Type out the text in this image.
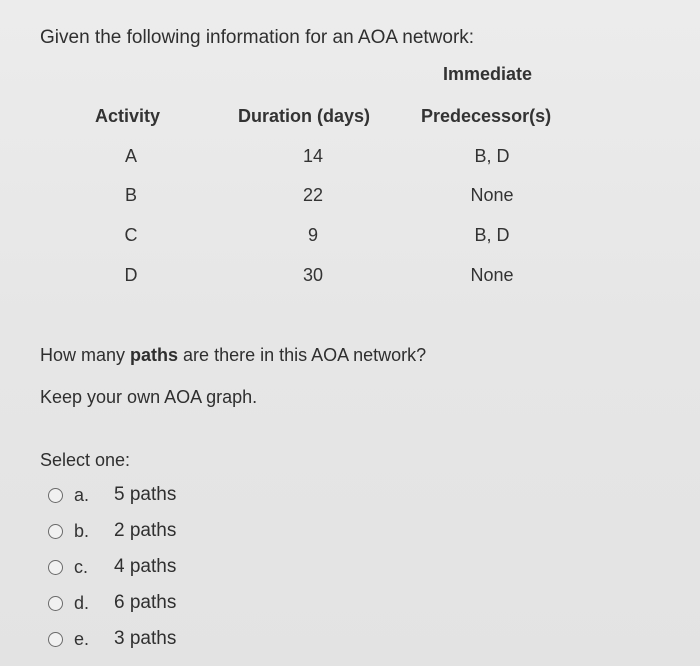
Given the following information for an AOA network:
Immediate
Activity	Duration (days)	Predecessor(s)
A	14	B, D
B	22	None
C	9	B, D
D	30	None
How many paths are there in this AOA network?
Keep your own AOA graph.
Select one:
a.	5 paths
b.	2 paths
c.	4 paths
d.	6 paths
e.	3 paths
